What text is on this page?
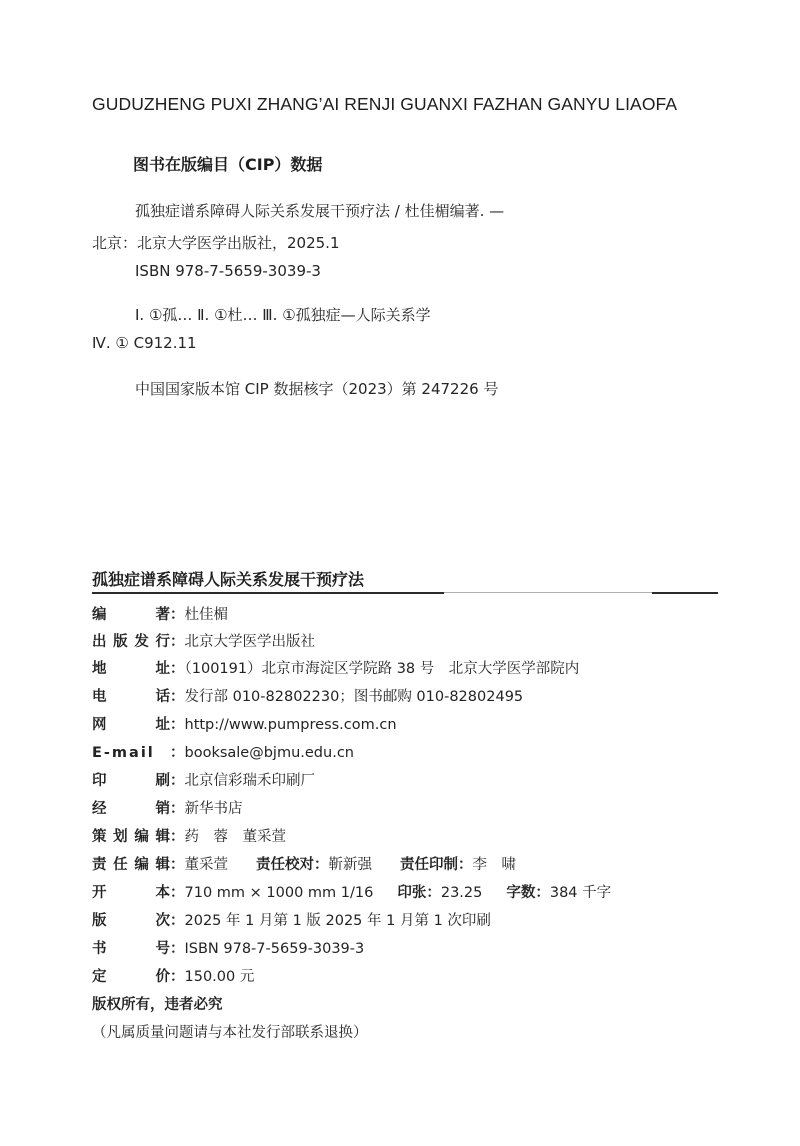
GUDUZHENG PUXI ZHANG’AI RENJI GUANXI FAZHAN GANYU LIAOFA
图书在版编目（CIP）数据
孤独症谱系障碍人际关系发展干预疗法 / 杜佳楣编著. —
北京：北京大学医学出版社，2025.1
ISBN 978-7-5659-3039-3
Ⅰ. ①孤… Ⅱ. ①杜… Ⅲ. ①孤独症—人际关系学
Ⅳ. ① C912.11
中国国家版本馆 CIP 数据核字（2023）第 247226 号
孤独症谱系障碍人际关系发展干预疗法
编　　著：杜佳楣
出版发行：北京大学医学出版社
地　　址：（100191）北京市海淀区学院路 38 号　北京大学医学部院内
电　　话：发行部 010-82802230；图书邮购 010-82802495
网　　址：http://www.pumpress.com.cn
E-mail ：booksale@bjmu.edu.cn
印　　刷：北京信彩瑞禾印刷厂
经　　销：新华书店
策划编辑：药　蓉　董采萱
责任编辑：董采萱 责任校对：靳新强 责任印制：李　啸
开　　本：710 mm × 1000 mm 1/16 印张：23.25 字数：384 千字
版　　次：2025 年 1 月第 1 版 2025 年 1 月第 1 次印刷
书　　号：ISBN 978-7-5659-3039-3
定　　价：150.00 元
版权所有，违者必究
（凡属质量问题请与本社发行部联系退换）
